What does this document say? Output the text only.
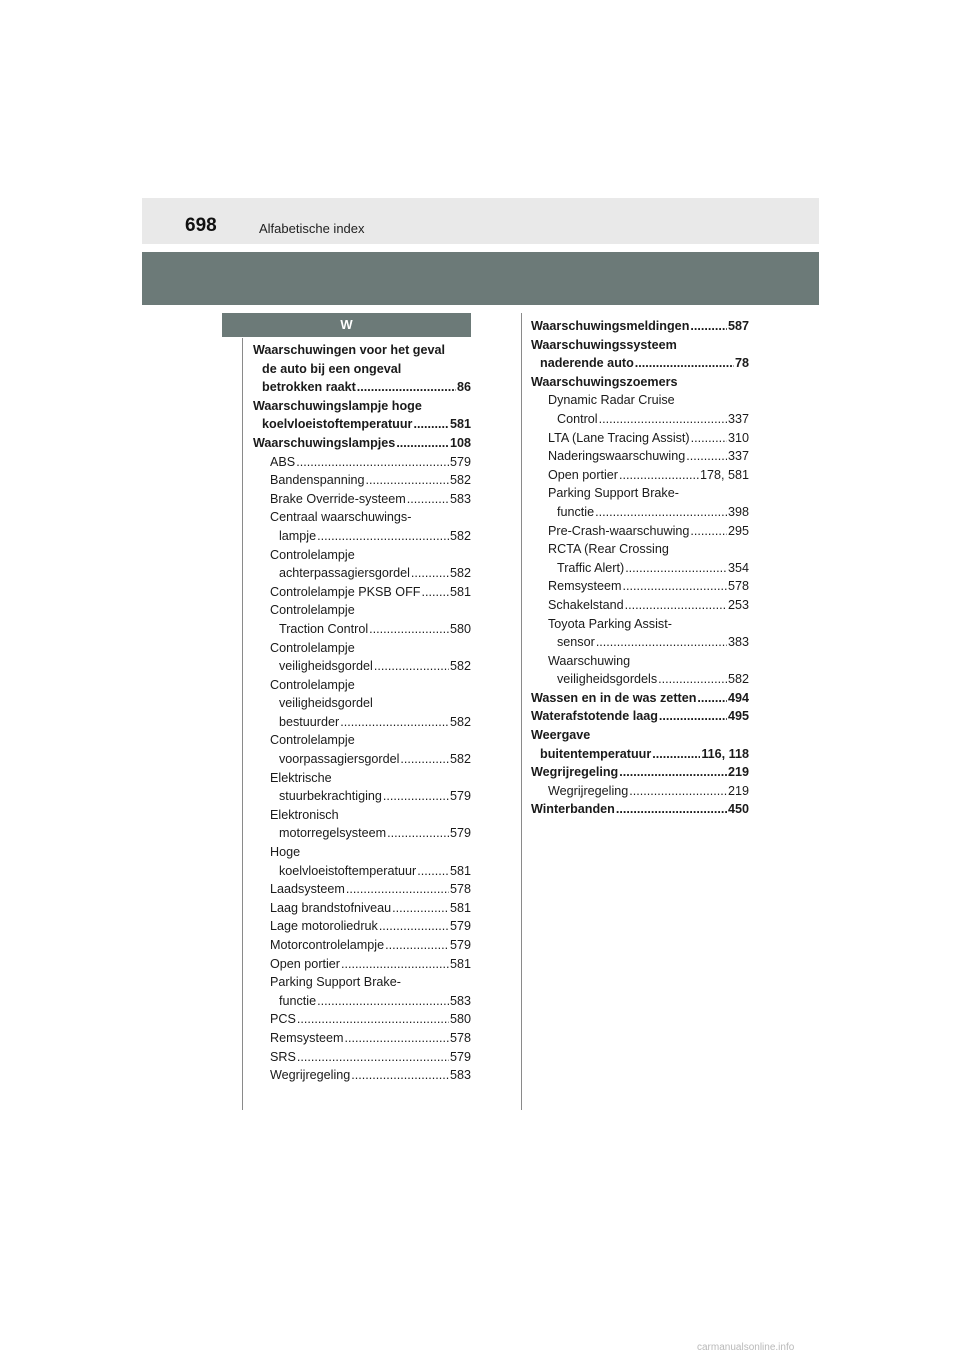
698	Alfabetische index
W
Waarschuwingen voor het geval
de auto bij een ongeval
betrokken raakt .....	86
Waarschuwingslampje hoge
koelvloeistoftemperatuur .....	581
Waarschuwingslampjes .....	108
ABS .....	579
Bandenspanning .....	582
Brake Override-systeem .....	583
Centraal waarschuwings-
lampje .....	582
Controlelampje
achterpassagiersgordel .....	582
Controlelampje PKSB OFF ..... 581
Controlelampje
Traction Control .....	580
Controlelampje
veiligheidsgordel .....	582
Controlelampje
veiligheidsgordel
bestuurder .....	582
Controlelampje
voorpassagiersgordel .....	582
Elektrische
stuurbekrachtiging .....	579
Elektronisch
motorregelsysteem .....	579
Hoge
koelvloeistoftemperatuur .....	581
Laadsysteem .....	578
Laag brandstofniveau .....	581
Lage motoroliedruk .....	579
Motorcontrolelampje .....	579
Open portier .....	581
Parking Support Brake-
functie .....	583
PCS .....	580
Remsysteem .....	578
SRS .....	579
Wegrijregeling .....	583
Waarschuwingsmeldingen .....	587
Waarschuwingssysteem
naderende auto .....	78
Waarschuwingszoemers
Dynamic Radar Cruise
Control .....	337
LTA (Lane Tracing Assist) .....	310
Naderingswaarschuwing .....	337
Open portier .....	178, 581
Parking Support Brake-
functie .....	398
Pre-Crash-waarschuwing .....	295
RCTA (Rear Crossing
Traffic Alert) .....	354
Remsysteem .....	578
Schakelstand .....	253
Toyota Parking Assist-
sensor .....	383
Waarschuwing
veiligheidsgordels .....	582
Wassen en in de was zetten .....	494
Waterafstotende laag .....	495
Weergave
buitentemperatuur .....	116, 118
Wegrijregeling .....	219
Wegrijregeling .....	219
Winterbanden .....	450
carmanualsonline.info
